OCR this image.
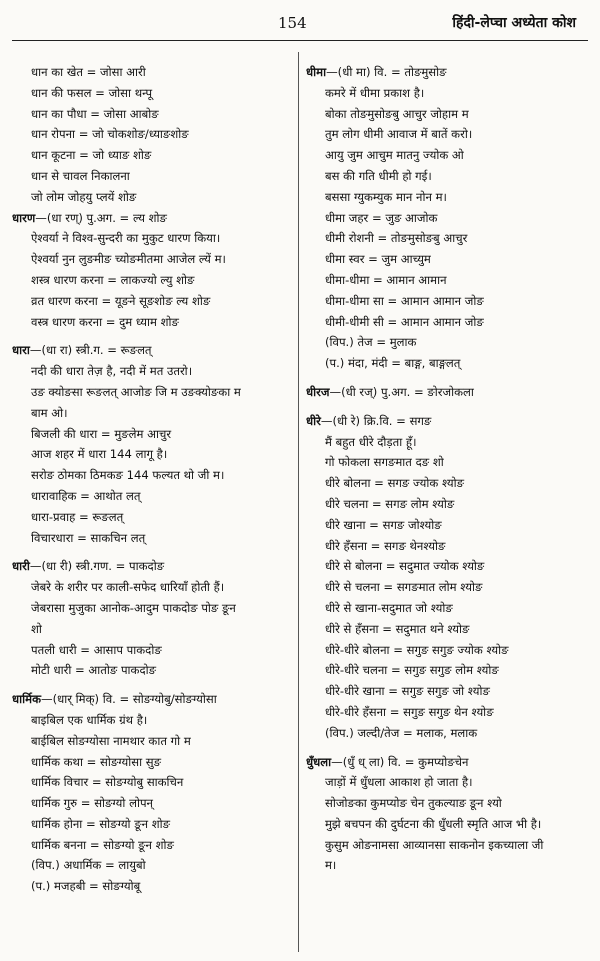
154	हिंदी-लेप्चा अध्येता कोश
धान का खेत = जोसा आरी
धान की फसल = जोसा थन्पू
धान का पौधा = जोसा आबोङ
धान रोपना = जो चोकशोङ/ध्याङशोङ
धान कूटना = जो ध्याङ शोङ
धान से चावल निकालना
जो लोम जोहयु प्लयें शोङ
धारण—(धा रण्) पु.अग. = ल्य शोङ
ऐश्वर्या ने विश्व-सुन्दरी का मुकुट धारण किया।
ऐश्वर्या नुन लुङमीङ च्योङमीतमा आजेल ल्यें म।
शस्त्र धारण करना = लाकज्यो ल्यु शोङ
व्रत धारण करना = यूङने सूङशोङ ल्य शोङ
वस्त्र धारण करना = दुम ध्याम शोङ
धारा—(धा रा) स्त्री.ग. = रूङलत्
नदी की धारा तेज़ है, नदी में मत उतरो।
उङ क्योङसा रूङलत् आजोङ जि म उङक्योङका म
बाम ओ।
बिजली की धारा = मुङलेम आचुर
आज शहर में धारा 144 लागू है।
सरोङ ठोमका ठिमकङ 144 फल्यत थो जी म।
धारावाहिक = आथोत लत्
धारा-प्रवाह = रूङलत्
विचारधारा = साकचिन लत्
धारी—(धा री) स्त्री.गण. = पाकदोङ
जेबरे के शरीर पर काली-सफेद धारियाँ होती हैं।
जेबरासा मुजुका आनोक-आदुम पाकदोङ पोङ ङून
शो
पतली धारी = आसाप पाकदोङ
मोटी धारी = आतोङ पाकदोङ
धार्मिक—(धार् मिक्) वि. = सोङग्योबु/सोङग्योसा
बाइबिल एक धार्मिक ग्रंथ है।
बाईबिल सोङग्योसा नामथार कात गो म
धार्मिक कथा = सोङग्योसा सुङ
धार्मिक विचार = सोङग्योबु साकचिन
धार्मिक गुरु = सोङग्यो लोपन्
धार्मिक होना = सोङग्यो ङून शोङ
धार्मिक बनना = सोङग्यो ङून शोङ
(विप.) अधार्मिक = लायुबो
(प.) मजहबी = सोङग्योबू
धीमा—(धी मा) वि. = तोङमुसोङ
कमरे में धीमा प्रकाश है।
बोका तोङमुसोङबु आचुर जोहाम म
तुम लोग धीमी आवाज में बातें करो।
आयु जुम आचुम मातनु ज्योक ओ
बस की गति धीमी हो गई।
बससा ग्युकम्युक मान नोन म।
धीमा जहर = जुङ आजोक
धीमी रोशनी = तोङमुसोङबु आचुर
धीमा स्वर = जुम आच्युम
धीमा-धीमा = आमान आमान
धीमा-धीमा सा = आमान आमान जोङ
धीमी-धीमी सी = आमान आमान जोङ
(विप.) तेज = मुलाक
(प.) मंदा, मंदी = बाङ्ग, बाङ्गलत्
धीरज—(धी रज्) पु.अग. = ङोरजोकला
धीरे—(धी रे) क्रि.वि. = सगङ
मैं बहुत धीरे दौड़ता हूँ।
गो फोकला सगङमात दङ शो
धीरे बोलना = सगङ ज्योक श्योङ
धीरे चलना = सगङ लोम श्योङ
धीरे खाना = सगङ जोश्योङ
धीरे हँसना = सगङ थेनश्योङ
धीरे से बोलना = सदुमात ज्योक श्योङ
धीरे से चलना = सगङमात लोम श्योङ
धीरे से खाना-सदुमात जो श्योङ
धीरे से हँसना = सदुमात थने श्योङ
धीरे-धीरे बोलना = सगुङ सगुङ ज्योक श्योङ
धीरे-धीरे चलना = सगुङ सगुङ लोम श्योङ
धीरे-धीरे खाना = सगुङ सगुङ जो श्योङ
धीरे-धीरे हँसना = सगुङ सगुङ थेन श्योङ
(विप.) जल्दी/तेज = मलाक, मलाक
धुँधला—(धुँ ध् ला) वि. = कुमप्योङचेन
जाड़ों में धुँधला आकाश हो जाता है।
सोजोङका कुमप्योङ चेन तुकल्याङ ङून श्यो
मुझे बचपन की दुर्घटना की धुँधली स्मृति आज भी है।
कुसुम ओङनामसा आव्यानसा साकनोन इकच्याला जी
म।
